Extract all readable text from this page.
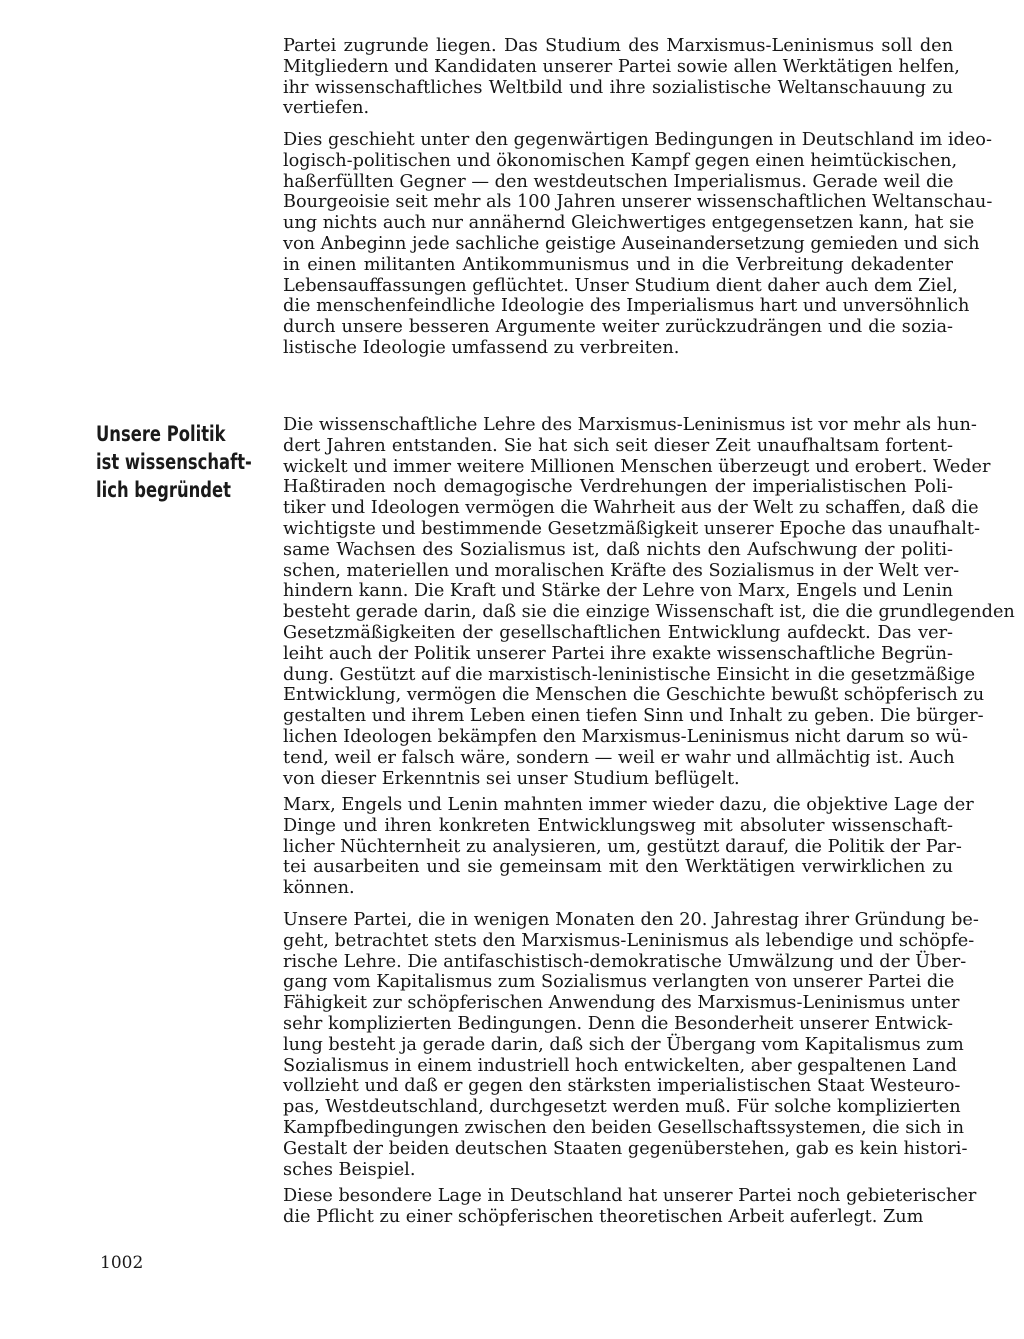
Unsere Politik
ist wissenschaft-
lich begründet
Partei zugrunde liegen. Das Studium des Marxismus-Leninismus soll den
Mitgliedern und Kandidaten unserer Partei sowie allen Werktätigen helfen,
ihr wissenschaftliches Weltbild und ihre sozialistische Weltanschauung zu
vertiefen.
Dies geschieht unter den gegenwärtigen Bedingungen in Deutschland im ideo-
logisch-politischen und ökonomischen Kampf gegen einen heimtückischen,
haßerfüllten Gegner — den westdeutschen Imperialismus. Gerade weil die
Bourgeoisie seit mehr als 100 Jahren unserer wissenschaftlichen Weltanschau-
ung nichts auch nur annähernd Gleichwertiges entgegensetzen kann, hat sie
von Anbeginn jede sachliche geistige Auseinandersetzung gemieden und sich
in einen militanten Antikommunismus und in die Verbreitung dekadenter
Lebensauffassungen geflüchtet. Unser Studium dient daher auch dem Ziel,
die menschenfeindliche Ideologie des Imperialismus hart und unversöhnlich
durch unsere besseren Argumente weiter zurückzudrängen und die sozia-
listische Ideologie umfassend zu verbreiten.
Die wissenschaftliche Lehre des Marxismus-Leninismus ist vor mehr als hun-
dert Jahren entstanden. Sie hat sich seit dieser Zeit unaufhaltsam fortent-
wickelt und immer weitere Millionen Menschen überzeugt und erobert. Weder
Haßtiraden noch demagogische Verdrehungen der imperialistischen Poli-
tiker und Ideologen vermögen die Wahrheit aus der Welt zu schaffen, daß die
wichtigste und bestimmende Gesetzmäßigkeit unserer Epoche das unaufhalt-
same Wachsen des Sozialismus ist, daß nichts den Aufschwung der politi-
schen, materiellen und moralischen Kräfte des Sozialismus in der Welt ver-
hindern kann. Die Kraft und Stärke der Lehre von Marx, Engels und Lenin
besteht gerade darin, daß sie die einzige Wissenschaft ist, die die grundlegenden
Gesetzmäßigkeiten der gesellschaftlichen Entwicklung aufdeckt. Das ver-
leiht auch der Politik unserer Partei ihre exakte wissenschaftliche Begrün-
dung. Gestützt auf die marxistisch-leninistische Einsicht in die gesetzmäßige
Entwicklung, vermögen die Menschen die Geschichte bewußt schöpferisch zu
gestalten und ihrem Leben einen tiefen Sinn und Inhalt zu geben. Die bürger-
lichen Ideologen bekämpfen den Marxismus-Leninismus nicht darum so wü-
tend, weil er falsch wäre, sondern — weil er wahr und allmächtig ist. Auch
von dieser Erkenntnis sei unser Studium beflügelt.
Marx, Engels und Lenin mahnten immer wieder dazu, die objektive Lage der
Dinge und ihren konkreten Entwicklungsweg mit absoluter wissenschaft-
licher Nüchternheit zu analysieren, um, gestützt darauf, die Politik der Par-
tei ausarbeiten und sie gemeinsam mit den Werktätigen verwirklichen zu
können.
Unsere Partei, die in wenigen Monaten den 20. Jahrestag ihrer Gründung be-
geht, betrachtet stets den Marxismus-Leninismus als lebendige und schöpfe-
rische Lehre. Die antifaschistisch-demokratische Umwälzung und der Über-
gang vom Kapitalismus zum Sozialismus verlangten von unserer Partei die
Fähigkeit zur schöpferischen Anwendung des Marxismus-Leninismus unter
sehr komplizierten Bedingungen. Denn die Besonderheit unserer Entwick-
lung besteht ja gerade darin, daß sich der Übergang vom Kapitalismus zum
Sozialismus in einem industriell hoch entwickelten, aber gespaltenen Land
vollzieht und daß er gegen den stärksten imperialistischen Staat Westeuro-
pas, Westdeutschland, durchgesetzt werden muß. Für solche komplizierten
Kampfbedingungen zwischen den beiden Gesellschaftssystemen, die sich in
Gestalt der beiden deutschen Staaten gegenüberstehen, gab es kein histori-
sches Beispiel.
Diese besondere Lage in Deutschland hat unserer Partei noch gebieterischer
die Pflicht zu einer schöpferischen theoretischen Arbeit auferlegt. Zum
1002
